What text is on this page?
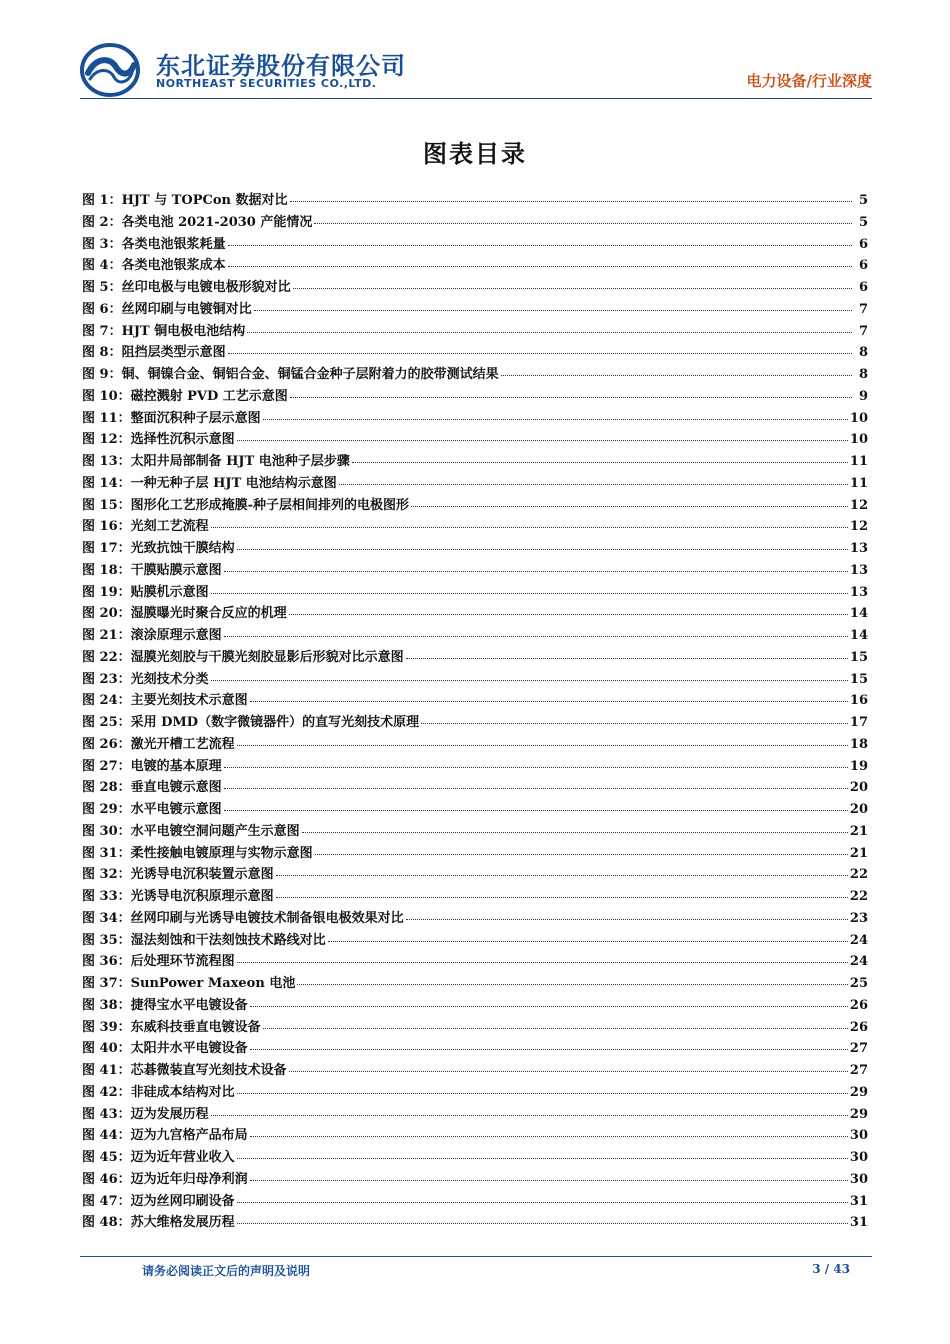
东北证券股份有限公司
NORTHEAST SECURITIES CO.,LTD.	电力设备/行业深度
图表目录
图 1：HJT 与 TOPCon 数据对比	5
图 2：各类电池 2021-2030 产能情况	5
图 3：各类电池银浆耗量	6
图 4：各类电池银浆成本	6
图 5：丝印电极与电镀电极形貌对比	6
图 6：丝网印刷与电镀铜对比	7
图 7：HJT 铜电极电池结构	7
图 8：阻挡层类型示意图	8
图 9：铜、铜镍合金、铜铝合金、铜锰合金种子层附着力的胶带测试结果	8
图 10：磁控溅射 PVD 工艺示意图	9
图 11：整面沉积种子层示意图	10
图 12：选择性沉积示意图	10
图 13：太阳井局部制备 HJT 电池种子层步骤	11
图 14：一种无种子层 HJT 电池结构示意图	11
图 15：图形化工艺形成掩膜-种子层相间排列的电极图形	12
图 16：光刻工艺流程	12
图 17：光致抗蚀干膜结构	13
图 18：干膜贴膜示意图	13
图 19：贴膜机示意图	13
图 20：湿膜曝光时聚合反应的机理	14
图 21：滚涂原理示意图	14
图 22：湿膜光刻胶与干膜光刻胶显影后形貌对比示意图	15
图 23：光刻技术分类	15
图 24：主要光刻技术示意图	16
图 25：采用 DMD（数字微镜器件）的直写光刻技术原理	17
图 26：激光开槽工艺流程	18
图 27：电镀的基本原理	19
图 28：垂直电镀示意图	20
图 29：水平电镀示意图	20
图 30：水平电镀空洞问题产生示意图	21
图 31：柔性接触电镀原理与实物示意图	21
图 32：光诱导电沉积装置示意图	22
图 33：光诱导电沉积原理示意图	22
图 34：丝网印刷与光诱导电镀技术制备银电极效果对比	23
图 35：湿法刻蚀和干法刻蚀技术路线对比	24
图 36：后处理环节流程图	24
图 37：SunPower Maxeon 电池	25
图 38：捷得宝水平电镀设备	26
图 39：东威科技垂直电镀设备	26
图 40：太阳井水平电镀设备	27
图 41：芯碁微装直写光刻技术设备	27
图 42：非硅成本结构对比	29
图 43：迈为发展历程	29
图 44：迈为九宫格产品布局	30
图 45：迈为近年营业收入	30
图 46：迈为近年归母净利润	30
图 47：迈为丝网印刷设备	31
图 48：苏大维格发展历程	31
请务必阅读正文后的声明及说明	3 / 43
